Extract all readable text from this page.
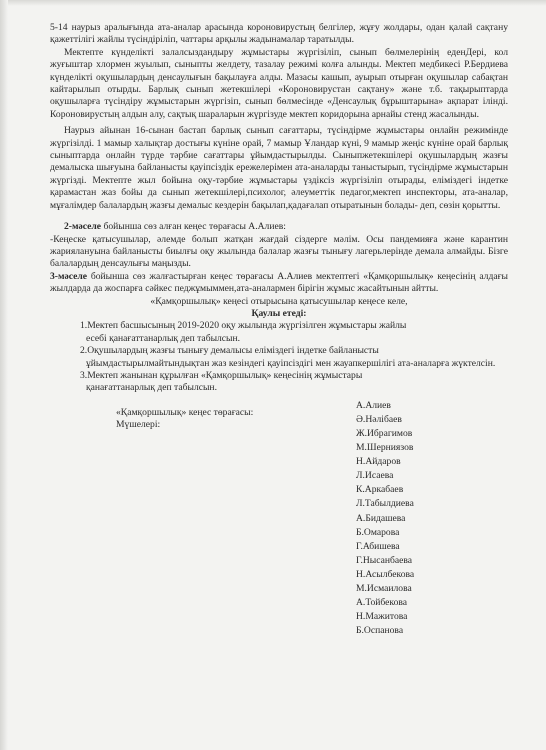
5-14 наурыз аралығында ата-аналар арасында короновирустың белгілер, жұғу жолдары, одан қалай сақтану қажеттілігі жайлы түсіндірілiп, чаттары арқылы жадынамалар таратылды.

Мектепте күнделікті залалсыздандыру жұмыстары жүргізіліп, сынып бөлмелерінің еденДері, кол жуғыштар хлормен жуылып, сыныпты желдету, тазалау режимі колға алынды. Мектеп медбикесі Р.Бердиева күнделікті оқушылардың денсаулығын бақылауға алды. Мазасы кашып, ауырып отырған оқушылар сабақтан кайтарылып отырды. Барлық сынып жетекшілері «Короновирустан сақтану» және т.б. тақырыптарда оқушыларға түсіндіру жұмыстарын жүргізіп, сынып бөлмесінде «Денсаулық бұрыштарына» ақпарат ілінді. Короновирустың алдын алу, сақтық шараларын жүргізуде мектеп коридорына арнайы стенд жасалынды.

Наурыз айынан 16-сынан бастап барлық сынып сағаттары, түсіндірме жұмыстары онлайн режимінде жүргізілді. 1 мамыр халықтар достығы күніне орай, 7 мамыр Ұландар күні, 9 мамыр жеңіс күніне орай барлық сыныптарда онлайн түрде тәрбие сағаттары ұйымдастырылды. Сыныпжетекшілері оқушылардың жазғы демалыска шығуына байланысты қауіпсіздік ережелерімен ата-аналарды таныстырып, түсіндірме жұмыстарын жүргізді. Мектепте жыл бойына оқу-тәрбие жұмыстары үздіксіз жүргізіліп отырады, еліміздегі індетке қарамастан жаз бойы да сынып жетекшілері,психолог, әлеуметтік педагог,мектеп инспекторы, ата-аналар, мұғалімдер балалардың жазғы демалыс кездерін бақылап,қадағалап отыратынын болады- деп, сөзін қорытты.

2-мәселе бойынша сөз алған кеңес төрағасы А.Алиев:

-Кеңеске қатысушылар, әлемде болып жатқан жағдай сіздерге мәлім. Осы пандемияға және карантин жариялануына байланысты биылғы оқу жылында балалар жазғы тынығу лагерьлерінде демала алмайды. Бізге балалардың денсаулығы маңызды.

3-мәселе бойынша сөз жалғастырған кеңес төрағасы А.Алиев мектептегі «Қамқоршылық» кеңесінің алдағы жылдарда да жоспарға сәйкес педжұмыммен,ата-аналармен бірігін жұмыс жасайтынын айтты.

«Қамқоршылық» кеңесі отырысына қатысушылар кеңесе келе,

Қаулы етеді:

1.Мектеп басшысының 2019-2020 оқу жылында жүргізілген жұмыстары жайлы
есебі қанағаттанарлық деп табылсын.

2.Оқушылардың жазғы тынығу демалысы еліміздегі індетке байланысты
ұйымдастырылмайтындықтан жаз кезіндегі қауіпсіздігі мен жауапкершілігі ата-аналарға жүктелсін.

3.Мектеп жанынан құрылған «Қамқоршылық» кеңесінің жұмыстары
қанағаттанарлық деп табылсын.

«Қамқоршылық» кеңес төрағасы:
Мүшелері:
А.Алиев
Ә.Нәлібаев
Ж.Ибрагимов
М.Шерниязов
Н.Айдаров
Л.Исаева
К.Аркабаев
Л.Табылдиева
А.Бидашева
Б.Омарова
Г.Абишева
Г.Нысанбаева
Н.Асылбекова
М.Исмаилова
А.Тойбекова
Н.Мажитова
Б.Оспанова
